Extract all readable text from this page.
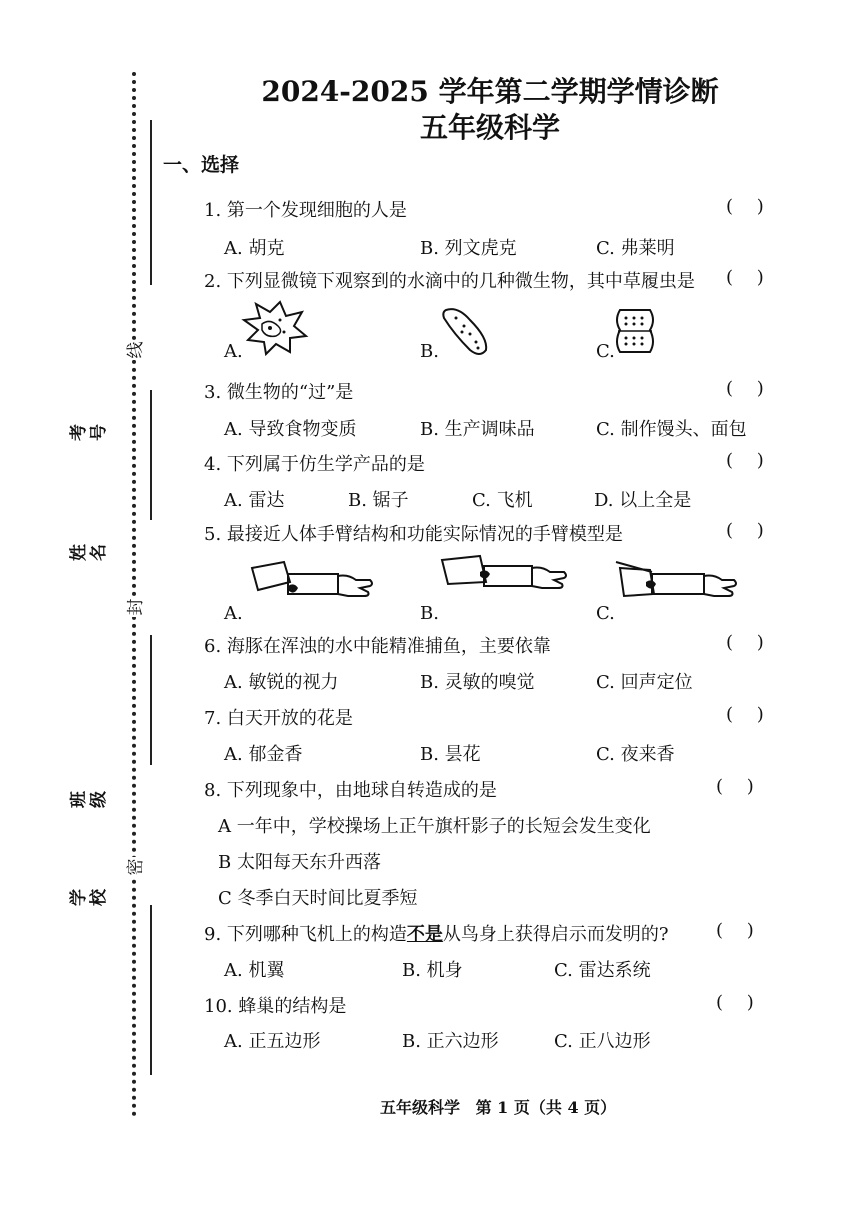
线
封
密
考号
姓名
班级
学校
2024-2025 学年第二学期学情诊断
五年级科学
一、选择
1. 第一个发现细胞的人是	( )
A. 胡克	B. 列文虎克	C. 弗莱明
2. 下列显微镜下观察到的水滴中的几种微生物，其中草履虫是 ( )
A.	B.	C.
3. 微生物的“过”是	( )
A. 导致食物变质	B. 生产调味品	C. 制作馒头、面包
4. 下列属于仿生学产品的是	( )
A. 雷达	B. 锯子	C. 飞机	D. 以上全是
5. 最接近人体手臂结构和功能实际情况的手臂模型是	( )
A.	B.	C.
6. 海豚在浑浊的水中能精准捕鱼，主要依靠	( )
A. 敏锐的视力	B. 灵敏的嗅觉	C. 回声定位
7. 白天开放的花是	( )
A. 郁金香	B. 昙花	C. 夜来香
8. 下列现象中，由地球自转造成的是	( )
A 一年中，学校操场上正午旗杆影子的长短会发生变化
B 太阳每天东升西落
C 冬季白天时间比夏季短
9. 下列哪种飞机上的构造不是从鸟身上获得启示而发明的?	( )
A. 机翼	B. 机身	C. 雷达系统
10. 蜂巢的结构是	( )
A. 正五边形	B. 正六边形	C. 正八边形
五年级科学 第 1 页（共 4 页）
